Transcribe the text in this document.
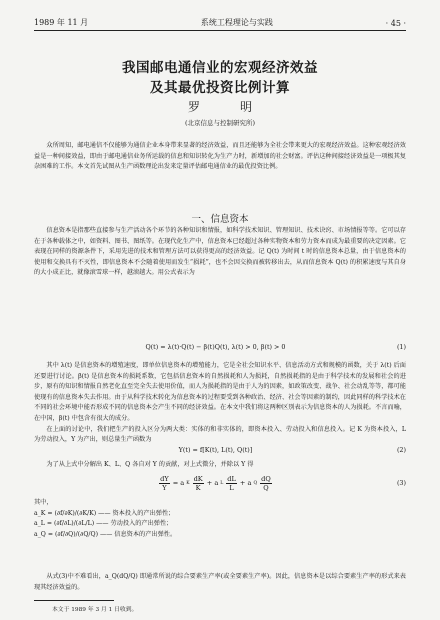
1989 年 11 月	系统工程理论与实践	· 45 ·
我国邮电通信业的宏观经济效益
及其最优投资比例计算
罗　明
(北京信息与控制研究所)

众所周知，邮电通信不仅能够为通信企业本身带来显著的经济效益，而且还能够为全社会带来更大的宏观经济效益。这种宏观经济效益是一种间接效益，即由于邮电通信业务所运载的信息和知识转化为生产力时，新增加的社会财富。评估这种间接经济效益是一项极其复杂困难的工作。本文首先试图从生产函数理论出发来定量评估邮电通信业的最优投资比例。

一、信息资本

信息资本是指那些直接参与生产活动各个环节的各种知识和情报，如科学技术知识、管理知识、技术诀窍、市场情报等等。它可以存在于各种载体之中，如资料、图书、图纸等。在现代化生产中，信息资本已经超过各种实物资本和劳力资本而成为最重要的决定因素。它表现在同样的资源条件下，采用先进的技术和管理方法可以获得更高的经济效益。记 Q(t) 为时间 t 时的信息资本总量，由于信息资本的使用和交换具有不灭性，即信息资本不会随着使用而发生“损耗”，也不会因交换而被转移出去，从而信息资本 Q(t) 的积累速度与其自身的大小成正比，就像滚雪球一样，越滚越大。用公式表示为

Q(t) = λ(t)·Q(t) − β(t)Q(t), λ(t) > 0, β(t) > 0	(1)

其中 λ(t) 是信息资本的增殖速度，即单位信息资本的增殖能力，它是全社会知识水平、信息活动方式和规模的函数，关于 λ(t) 后面还要进行讨论。β(t) 是信息资本的损耗系数，它包括信息资本的自然损耗和人为损耗，自然损耗指的是由于科学技术的发展和社会的进步，原有的知识和情报自然老化直至完全失去使用价值，而人为损耗指的是由于人为的因素，如政策改变、战争、社会动乱等等，都可能使现有的信息资本失去作用。由于从科学技术转化为信息资本的过程要受到各种政治、经济、社会等因素的制约，因此同样的科学技术在不同的社会环境中能否形成不同的信息资本会产生不同的经济效益。在本文中我们将这两种区别表示为信息资本的人为损耗。不言而喻，在中国，β(t) 中包含有很大的成分。

在上面的讨论中，我们把生产的投入区分为两大类：实体的和非实体的，即资本投入、劳动投入和信息投入。记 K 为资本投入，L 为劳动投入，Y 为产出，则总量生产函数为

Y(t) = f[K(t), L(t), Q(t)]	(2)

为了从上式中分解出 K、L、Q 各自对 Y 的贡献，对上式微分，并除以 Y 得

$\frac{dY}{Y} = a$ K $\frac{dK}{K} + a$ L $\frac{dL}{L} + a$ Q $\frac{dQ}{Q}$	(3)
其中，
a_K = (∂f/∂K)/(∂K/K) —— 资本投入的产出弹性；
a_L = (∂f/∂L)/(∂L/L) —— 劳动投入的产出弹性；
a_Q = (∂f/∂Q)/(∂Q/Q) —— 信息资本的产出弹性。

从式(3)中不难看出，a_Q(dQ/Q) 即通常所说的综合要素生产率(或全要素生产率)。因此，信息资本是以综合要素生产率的形式来表现其经济效益的。

本文于 1989 年 3 月 1 日收到。
